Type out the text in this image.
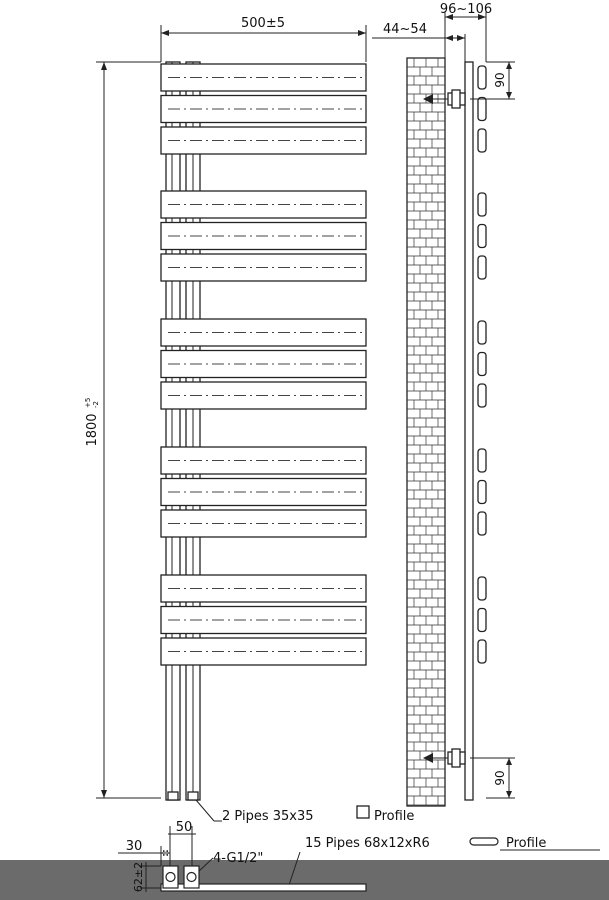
500±5
1800
+5 -2
44~54
96~106
90
90
2 Pipes 35x35	Profile
15 Pipes 68x12xR6	Profile
50
30
4-G1/2"
62±2
